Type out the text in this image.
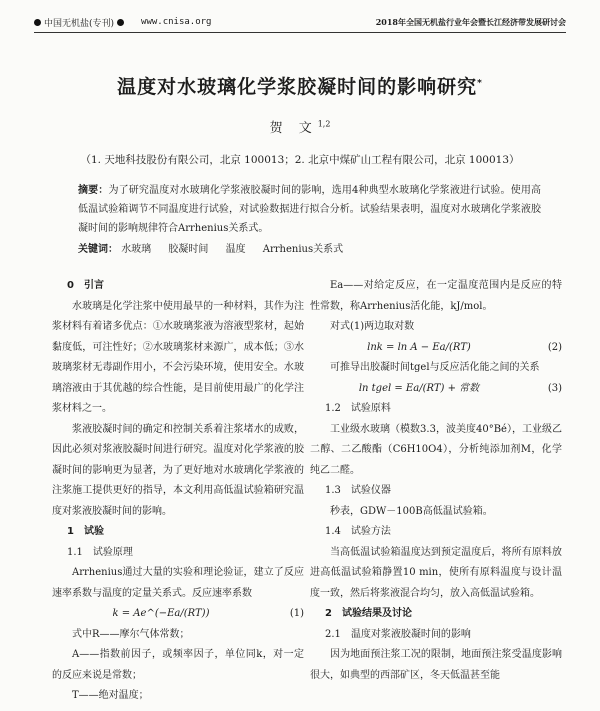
中国无机盐(专刊)	www.cnisa.org	2018年全国无机盐行业年会暨长江经济带发展研讨会
温度对水玻璃化学浆胶凝时间的影响研究*
贺 文$^{1,2}$
（1. 天地科技股份有限公司，北京 100013；2. 北京中煤矿山工程有限公司，北京 100013）
摘要：为了研究温度对水玻璃化学浆液胶凝时间的影响，选用4种典型水玻璃化学浆液进行试验。使用高低温试验箱调节不同温度进行试验，对试验数据进行拟合分析。试验结果表明，温度对水玻璃化学浆液胶凝时间的影响规律符合Arrhenius关系式。
关键词： 水玻璃 胶凝时间 温度 Arrhenius关系式
0　引言

水玻璃是化学注浆中使用最早的一种材料，其作为注浆材料有着诸多优点：①水玻璃浆液为溶液型浆材，起始黏度低，可注性好；②水玻璃浆材来源广，成本低；③水玻璃浆材无毒副作用小，不会污染环境，使用安全。水玻璃溶液由于其优越的综合性能，是目前使用最广的化学注浆材料之一。

浆液胶凝时间的确定和控制关系着注浆堵水的成败，因此必须对浆液胶凝时间进行研究。温度对化学浆液的胶凝时间的影响更为显著，为了更好地对水玻璃化学浆液的注浆施工提供更好的指导，本文利用高低温试验箱研究温度对浆液胶凝时间的影响。

1　试验
1.1　试验原理

Arrhenius通过大量的实验和理论验证，建立了反应速率系数与温度的定量关系式。反应速率系数

k = Ae^(−Ea/(RT))	(1)

式中R——摩尔气体常数；

A——指数前因子，或频率因子，单位同k，对一定的反应来说是常数；

T——绝对温度；

Ea——对给定反应，在一定温度范围内是反应的特性常数，称Arrhenius活化能，kJ/mol。

对式(1)两边取对数

lnk = ln A − Ea/(RT)	(2)

可推导出胶凝时间tgel与反应活化能之间的关系

ln tgel = Ea/(RT) + 常数	(3)
1.2　试验原料

工业级水玻璃（模数3.3，波美度40°Bé），工业级乙二醇、二乙酸酯（C6H10O4），分析纯添加剂M，化学纯乙二醛。

1.3　试验仪器

秒表，GDW－100B高低温试验箱。

1.4　试验方法

当高低温试验箱温度达到预定温度后，将所有原料放进高低温试验箱静置10 min，使所有原料温度与设计温度一致，然后将浆液混合均匀，放入高低温试验箱。

2　试验结果及讨论
2.1　温度对浆液胶凝时间的影响

因为地面预注浆工况的限制，地面预注浆受温度影响很大，如典型的西部矿区，冬天低温甚至能
